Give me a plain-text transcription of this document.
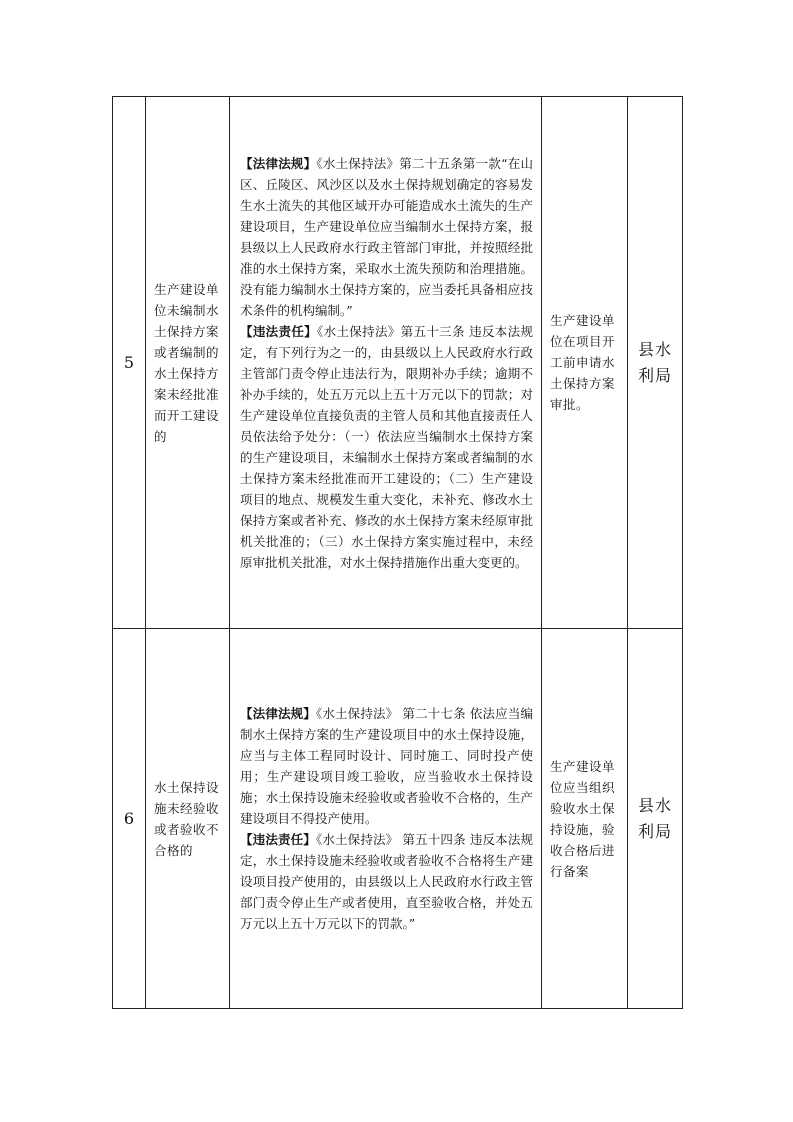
5	生产建设单位未编制水土保持方案或者编制的水土保持方案未经批准而开工建设的	【法律法规】《水土保持法》第二十五条第一款“在山区、丘陵区、风沙区以及水土保持规划确定的容易发生水土流失的其他区域开办可能造成水土流失的生产建设项目，生产建设单位应当编制水土保持方案，报县级以上人民政府水行政主管部门审批，并按照经批准的水土保持方案，采取水土流失预防和治理措施。没有能力编制水土保持方案的，应当委托具备相应技术条件的机构编制。”

【违法责任】《水土保持法》第五十三条 违反本法规定，有下列行为之一的，由县级以上人民政府水行政主管部门责令停止违法行为，限期补办手续；逾期不补办手续的，处五万元以上五十万元以下的罚款；对生产建设单位直接负责的主管人员和其他直接责任人员依法给予处分：（一）依法应当编制水土保持方案的生产建设项目，未编制水土保持方案或者编制的水土保持方案未经批准而开工建设的；（二）生产建设项目的地点、规模发生重大变化，未补充、修改水土保持方案或者补充、修改的水土保持方案未经原审批机关批准的；（三）水土保持方案实施过程中，未经原审批机关批准，对水土保持措施作出重大变更的。	生产建设单位在项目开工前申请水土保持方案审批。	县水利局
6	水土保持设施未经验收或者验收不合格的	【法律法规】《水土保持法》 第二十七条 依法应当编制水土保持方案的生产建设项目中的水土保持设施，应当与主体工程同时设计、同时施工、同时投产使用；生产建设项目竣工验收，应当验收水土保持设施；水土保持设施未经验收或者验收不合格的，生产建设项目不得投产使用。

【违法责任】《水土保持法》 第五十四条 违反本法规定，水土保持设施未经验收或者验收不合格将生产建设项目投产使用的，由县级以上人民政府水行政主管部门责令停止生产或者使用，直至验收合格，并处五万元以上五十万元以下的罚款。”	生产建设单位应当组织验收水土保持设施，验收合格后进行备案	县水利局
